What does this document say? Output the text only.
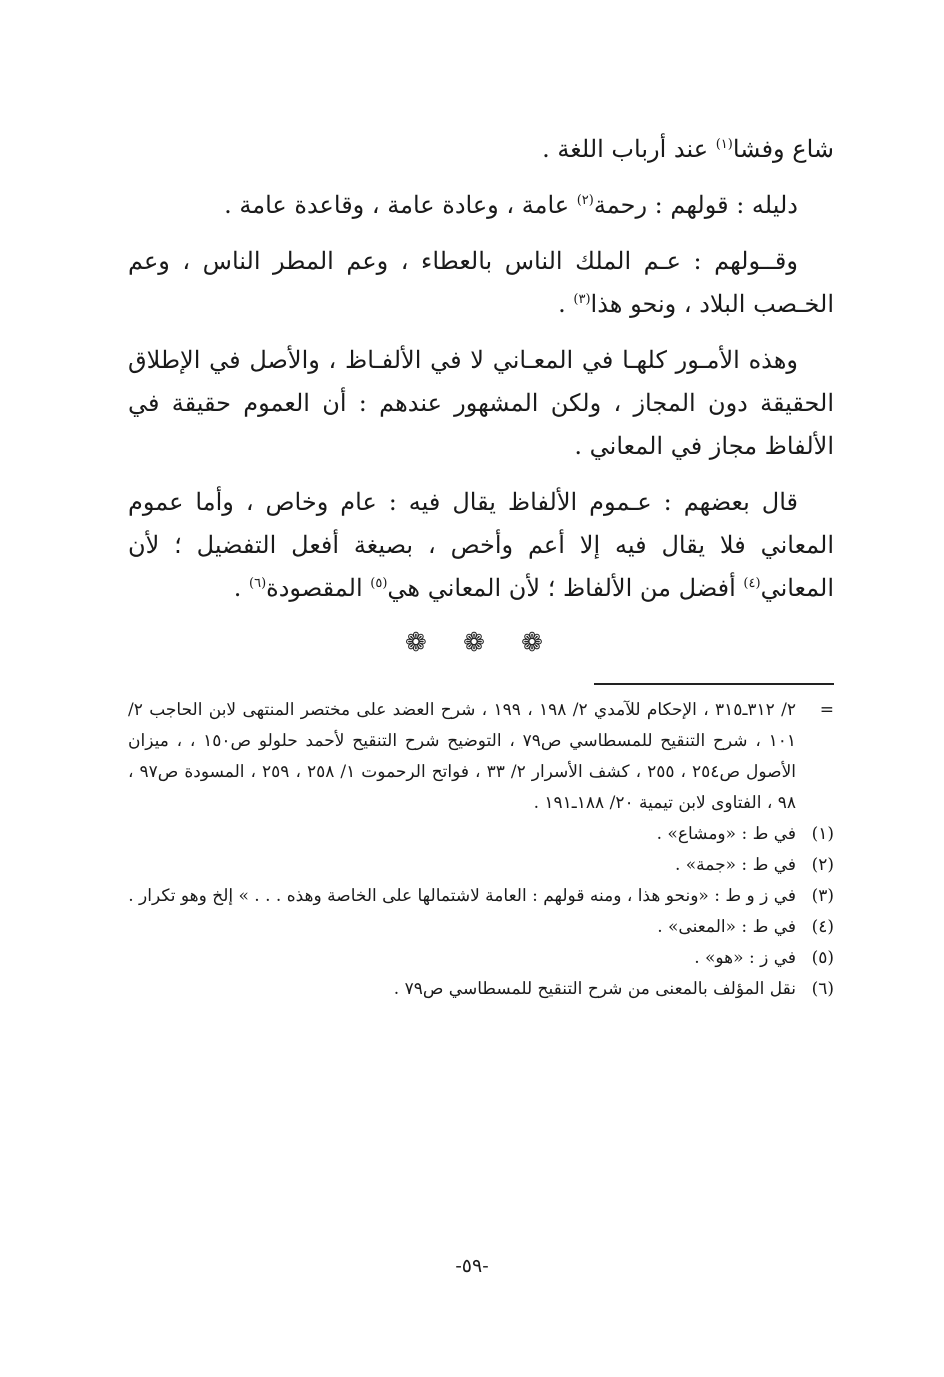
شاع وفشا$^{(١)}$ عند أرباب اللغة .

دليله : قولهم : رحمة$^{(٢)}$ عامة ، وعادة عامة ، وقاعدة عامة .

وقــولهم : عـم الملك الناس بالعطاء ، وعم المطر الناس ، وعم الخـصب البلاد ، ونحو هذا$^{(٣)}$ .

وهذه الأمـور كلهـا في المعـاني لا في الألفـاظ ، والأصل في الإطلاق الحقيقة دون المجاز ، ولكن المشهور عندهم : أن العموم حقيقة في الألفاظ مجاز في المعاني .

قال بعضهم : عـموم الألفاظ يقال فيه : عام وخاص ، وأما عموم المعاني فلا يقال فيه إلا أعم وأخص ، بصيغة أفعل التفضيل ؛ لأن المعاني$^{(٤)}$ أفضل من الألفاظ ؛ لأن المعاني هي$^{(٥)}$ المقصودة$^{(٦)}$ .

❁ ❁ ❁
=
٢/ ٣١٢ـ٣١٥ ، الإحكام للآمدي ٢/ ١٩٨ ، ١٩٩ ، شرح العضد على مختصر المنتهى لابن الحاجب ٢/ ١٠١ ، شرح التنقيح للمسطاسي ص٧٩ ، التوضيح شرح التنقيح لأحمد حلولو ص١٥٠ ، ، ميزان الأصول ص٢٥٤ ، ٢٥٥ ، كشف الأسرار ٢/ ٣٣ ، فواتح الرحموت ١/ ٢٥٨ ، ٢٥٩ ، المسودة ص٩٧ ، ٩٨ ، الفتاوى لابن تيمية ٢٠/ ١٨٨ـ١٩١ .
(١)
في ط : «ومشاع» .
(٢)
في ط : «جمة» .
(٣)
في ز و ط : «ونحو هذا ، ومنه قولهم : العامة لاشتمالها على الخاصة وهذه . . . » إلخ وهو تكرار .
(٤)
في ط : «المعنى» .
(٥)
في ز : «هو» .
(٦)
نقل المؤلف بالمعنى من شرح التنقيح للمسطاسي ص٧٩ .
-٥٩-
